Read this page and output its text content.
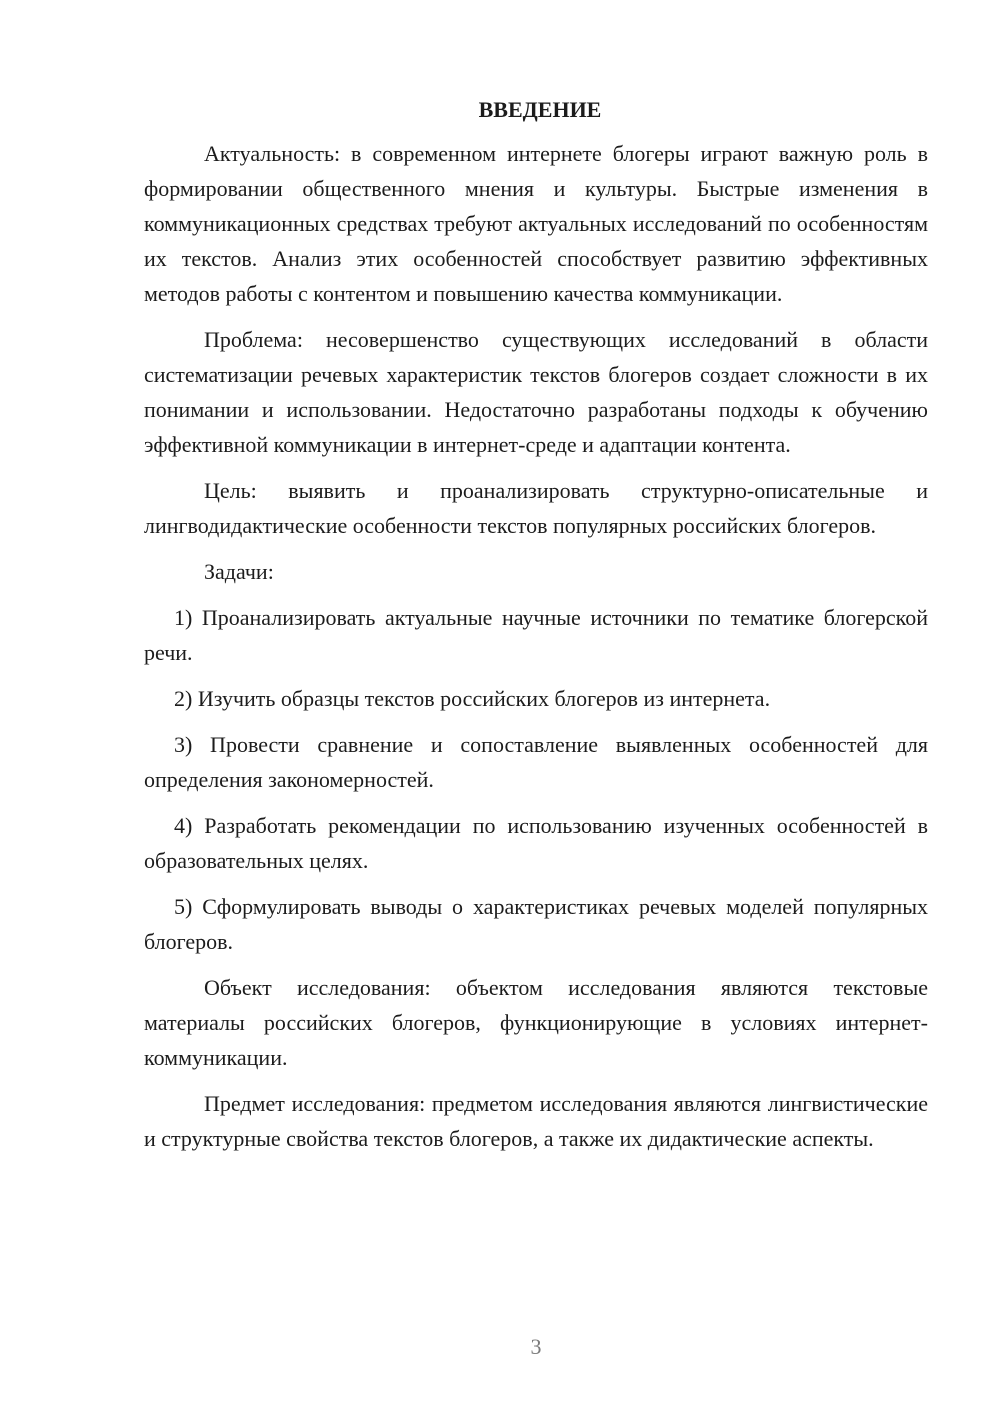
ВВЕДЕНИЕ

Актуальность: в современном интернете блогеры играют важную роль в формировании общественного мнения и культуры. Быстрые изменения в коммуникационных средствах требуют актуальных исследований по особенностям их текстов. Анализ этих особенностей способствует развитию эффективных методов работы с контентом и повышению качества коммуникации.

Проблема: несовершенство существующих исследований в области систематизации речевых характеристик текстов блогеров создает сложности в их понимании и использовании. Недостаточно разработаны подходы к обучению эффективной коммуникации в интернет-среде и адаптации контента.

Цель: выявить и проанализировать структурно-описательные и лингводидактические особенности текстов популярных российских блогеров.

Задачи:

1) Проанализировать актуальные научные источники по тематике блогерской речи.

2) Изучить образцы текстов российских блогеров из интернета.

3) Провести сравнение и сопоставление выявленных особенностей для определения закономерностей.

4) Разработать рекомендации по использованию изученных особенностей в образовательных целях.

5) Сформулировать выводы о характеристиках речевых моделей популярных блогеров.

Объект исследования: объектом исследования являются текстовые материалы российских блогеров, функционирующие в условиях интернет-коммуникации.

Предмет исследования: предметом исследования являются лингвистические и структурные свойства текстов блогеров, а также их дидактические аспекты.

3
